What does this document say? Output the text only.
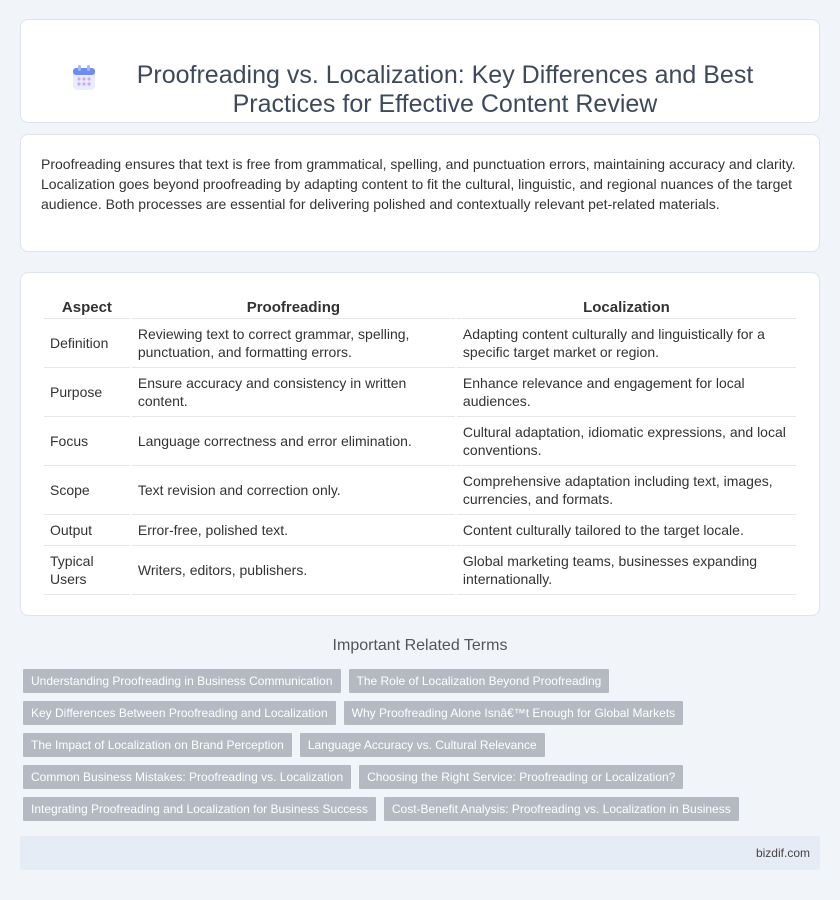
Proofreading vs. Localization: Key Differences and Best Practices for Effective Content Review

Proofreading ensures that text is free from grammatical, spelling, and punctuation errors, maintaining accuracy and clarity. Localization goes beyond proofreading by adapting content to fit the cultural, linguistic, and regional nuances of the target audience. Both processes are essential for delivering polished and contextually relevant pet-related materials.

Aspect	Proofreading	Localization
Definition	Reviewing text to correct grammar, spelling, punctuation, and formatting errors.	Adapting content culturally and linguistically for a specific target market or region.
Purpose	Ensure accuracy and consistency in written content.	Enhance relevance and engagement for local audiences.
Focus	Language correctness and error elimination.	Cultural adaptation, idiomatic expressions, and local conventions.
Scope	Text revision and correction only.	Comprehensive adaptation including text, images, currencies, and formats.
Output	Error-free, polished text.	Content culturally tailored to the target locale.
Typical Users	Writers, editors, publishers.	Global marketing teams, businesses expanding internationally.
Important Related Terms
Understanding Proofreading in Business Communication	The Role of Localization Beyond Proofreading
Key Differences Between Proofreading and Localization	Why Proofreading Alone Isnâ€™t Enough for Global Markets
The Impact of Localization on Brand Perception	Language Accuracy vs. Cultural Relevance
Common Business Mistakes: Proofreading vs. Localization	Choosing the Right Service: Proofreading or Localization?
Integrating Proofreading and Localization for Business Success	Cost-Benefit Analysis: Proofreading vs. Localization in Business
bizdif.com
